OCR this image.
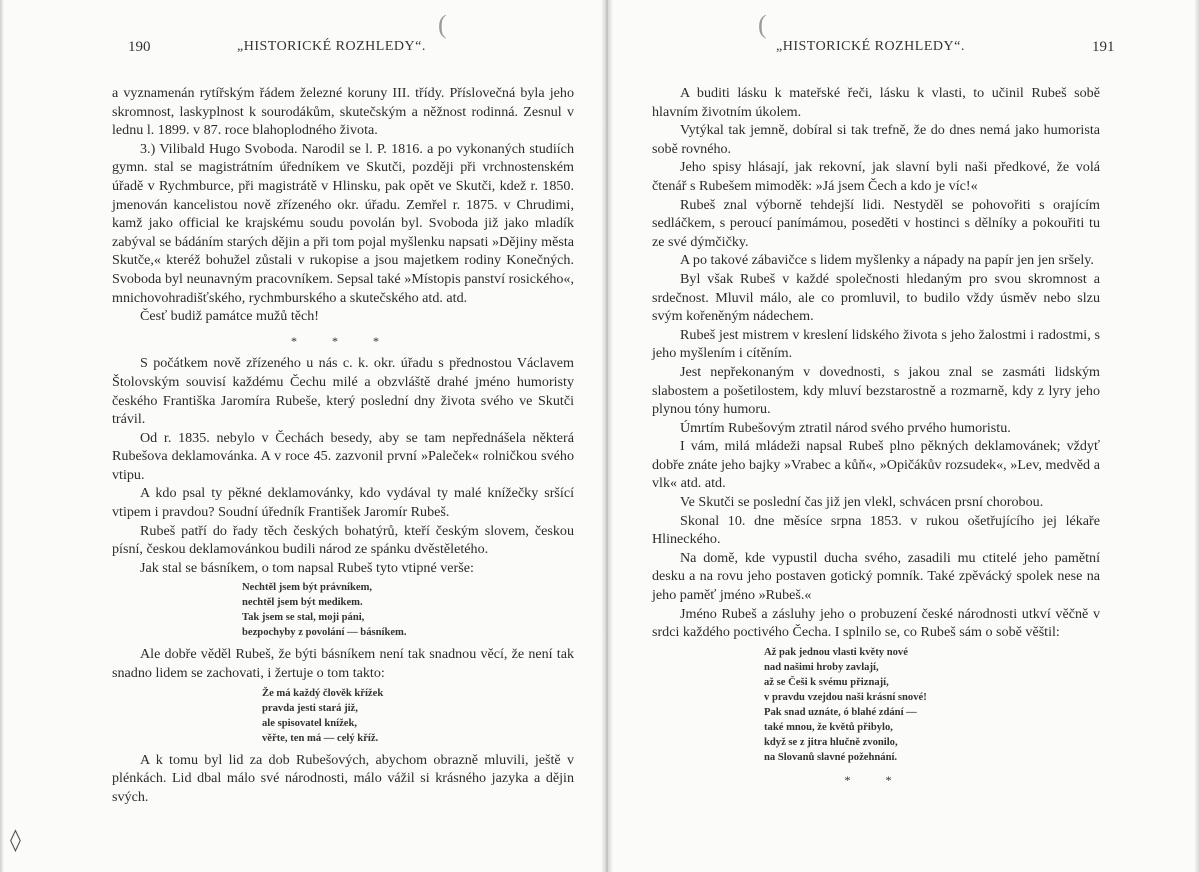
(
190	„HISTORICKÉ ROZHLEDY“.

a vyznamenán rytířským řádem železné koruny III. třídy. Příslovečná byla jeho skromnost, laskyplnost k sourodákům, skutečským a něžnost rodinná. Zesnul v lednu l. 1899. v 87. roce blahoplodného života.

3.) Vilibald Hugo Svoboda. Narodil se l. P. 1816. a po vykonaných studiích gymn. stal se magistrátním úředníkem ve Skutči, později při vrchnostenském úřadě v Rychmburce, při magistrátě v Hlinsku, pak opět ve Skutči, kdež r. 1850. jmenován kancelistou nově zřízeného okr. úřadu. Zemřel r. 1875. v Chrudimi, kamž jako official ke krajskému soudu povolán byl. Svoboda již jako mladík zabýval se bádáním starých dějin a při tom pojal myšlenku napsati »Dějiny města Skutče,« kteréž bohužel zůstali v rukopise a jsou majetkem rodiny Konečných. Svoboda byl neunavným pracovníkem. Sepsal také »Místopis panství rosického«, mnichovohradišťského, rychmburského a skutečského atd. atd.

Česť budiž památce mužů těch!

* * *

S počátkem nově zřízeného u nás c. k. okr. úřadu s přednostou Václavem Štolovským souvisí každému Čechu milé a obzvláště drahé jméno humoristy českého Františka Jaromíra Rubeše, který poslední dny života svého ve Skutči trávil.

Od r. 1835. nebylo v Čechách besedy, aby se tam nepřednášela některá Rubešova deklamovánka. A v roce 45. zazvonil první »Paleček« rolničkou svého vtipu.

A kdo psal ty pěkné deklamovánky, kdo vydával ty malé knížečky sršící vtipem i pravdou? Soudní úředník František Jaromír Rubeš.

Rubeš patří do řady těch českých bohatýrů, kteří českým slovem, českou písní, českou deklamovánkou budili národ ze spánku dvěstěletého.

Jak stal se básníkem, o tom napsal Rubeš tyto vtipné verše:

Nechtěl jsem být právníkem,
nechtěl jsem být medikem.
Tak jsem se stal, moji páni,
bezpochyby z povolání — básníkem.

Ale dobře věděl Rubeš, že býti básníkem není tak snadnou věcí, že není tak snadno lidem se zachovati, i žertuje o tom takto:

Že má každý člověk křížek
pravda jesti stará již,
ale spisovatel knížek,
věřte, ten má — celý kříž.

A k tomu byl lid za dob Rubešových, abychom obrazně mluvili, ještě v plénkách. Lid dbal málo své národnosti, málo vážil si krásného jazyka a dějin svých.

◊
(
„HISTORICKÉ ROZHLEDY“.	191

A buditi lásku k mateřské řeči, lásku k vlasti, to učinil Rubeš sobě hlavním životním úkolem.

Vytýkal tak jemně, dobíral si tak trefně, že do dnes nemá jako humorista sobě rovného.

Jeho spisy hlásají, jak rekovní, jak slavní byli naši předkové, že volá čtenář s Rubešem mimoděk: »Já jsem Čech a kdo je víc!«

Rubeš znal výborně tehdejší lidi. Nestyděl se pohovořiti s orajícím sedláčkem, s peroucí panímámou, poseděti v hostinci s dělníky a pokouřiti tu ze své dýmčičky.

A po takové zábavičce s lidem myšlenky a nápady na papír jen jen sršely.

Byl však Rubeš v každé společnosti hledaným pro svou skromnost a srdečnost. Mluvil málo, ale co promluvil, to budilo vždy úsměv nebo slzu svým kořeněným nádechem.

Rubeš jest mistrem v kreslení lidského života s jeho žalostmi i radostmi, s jeho myšlením i cítěním.

Jest nepřekonaným v dovednosti, s jakou znal se zasmáti lidským slabostem a pošetilostem, kdy mluví bezstarostně a rozmarně, kdy z lyry jeho plynou tóny humoru.

Úmrtím Rubešovým ztratil národ svého prvého humoristu.

I vám, milá mládeži napsal Rubeš plno pěkných deklamovánek; vždyť dobře znáte jeho bajky »Vrabec a kůň«, »Opičákův rozsudek«, »Lev, medvěd a vlk« atd. atd.

Ve Skutči se poslední čas již jen vlekl, schvácen prsní chorobou.

Skonal 10. dne měsíce srpna 1853. v rukou ošetřujícího jej lékaře Hlineckého.

Na domě, kde vypustil ducha svého, zasadili mu ctitelé jeho pamětní desku a na rovu jeho postaven gotický pomník. Také zpěvácký spolek nese na jeho paměť jméno »Rubeš.«

Jméno Rubeš a zásluhy jeho o probuzení české národnosti utkví věčně v srdci každého poctivého Čecha. I splnilo se, co Rubeš sám o sobě věštil:

Až pak jednou vlasti květy nové
nad našimi hroby zavlají,
až se Češi k svému přiznají,
v pravdu vzejdou naši krásní snové!
Pak snad uznáte, ó blahé zdání —
také mnou, že květů přibylo,
když se z jitra hlučně zvonilo,
na Slovanů slavné požehnání.
* *
